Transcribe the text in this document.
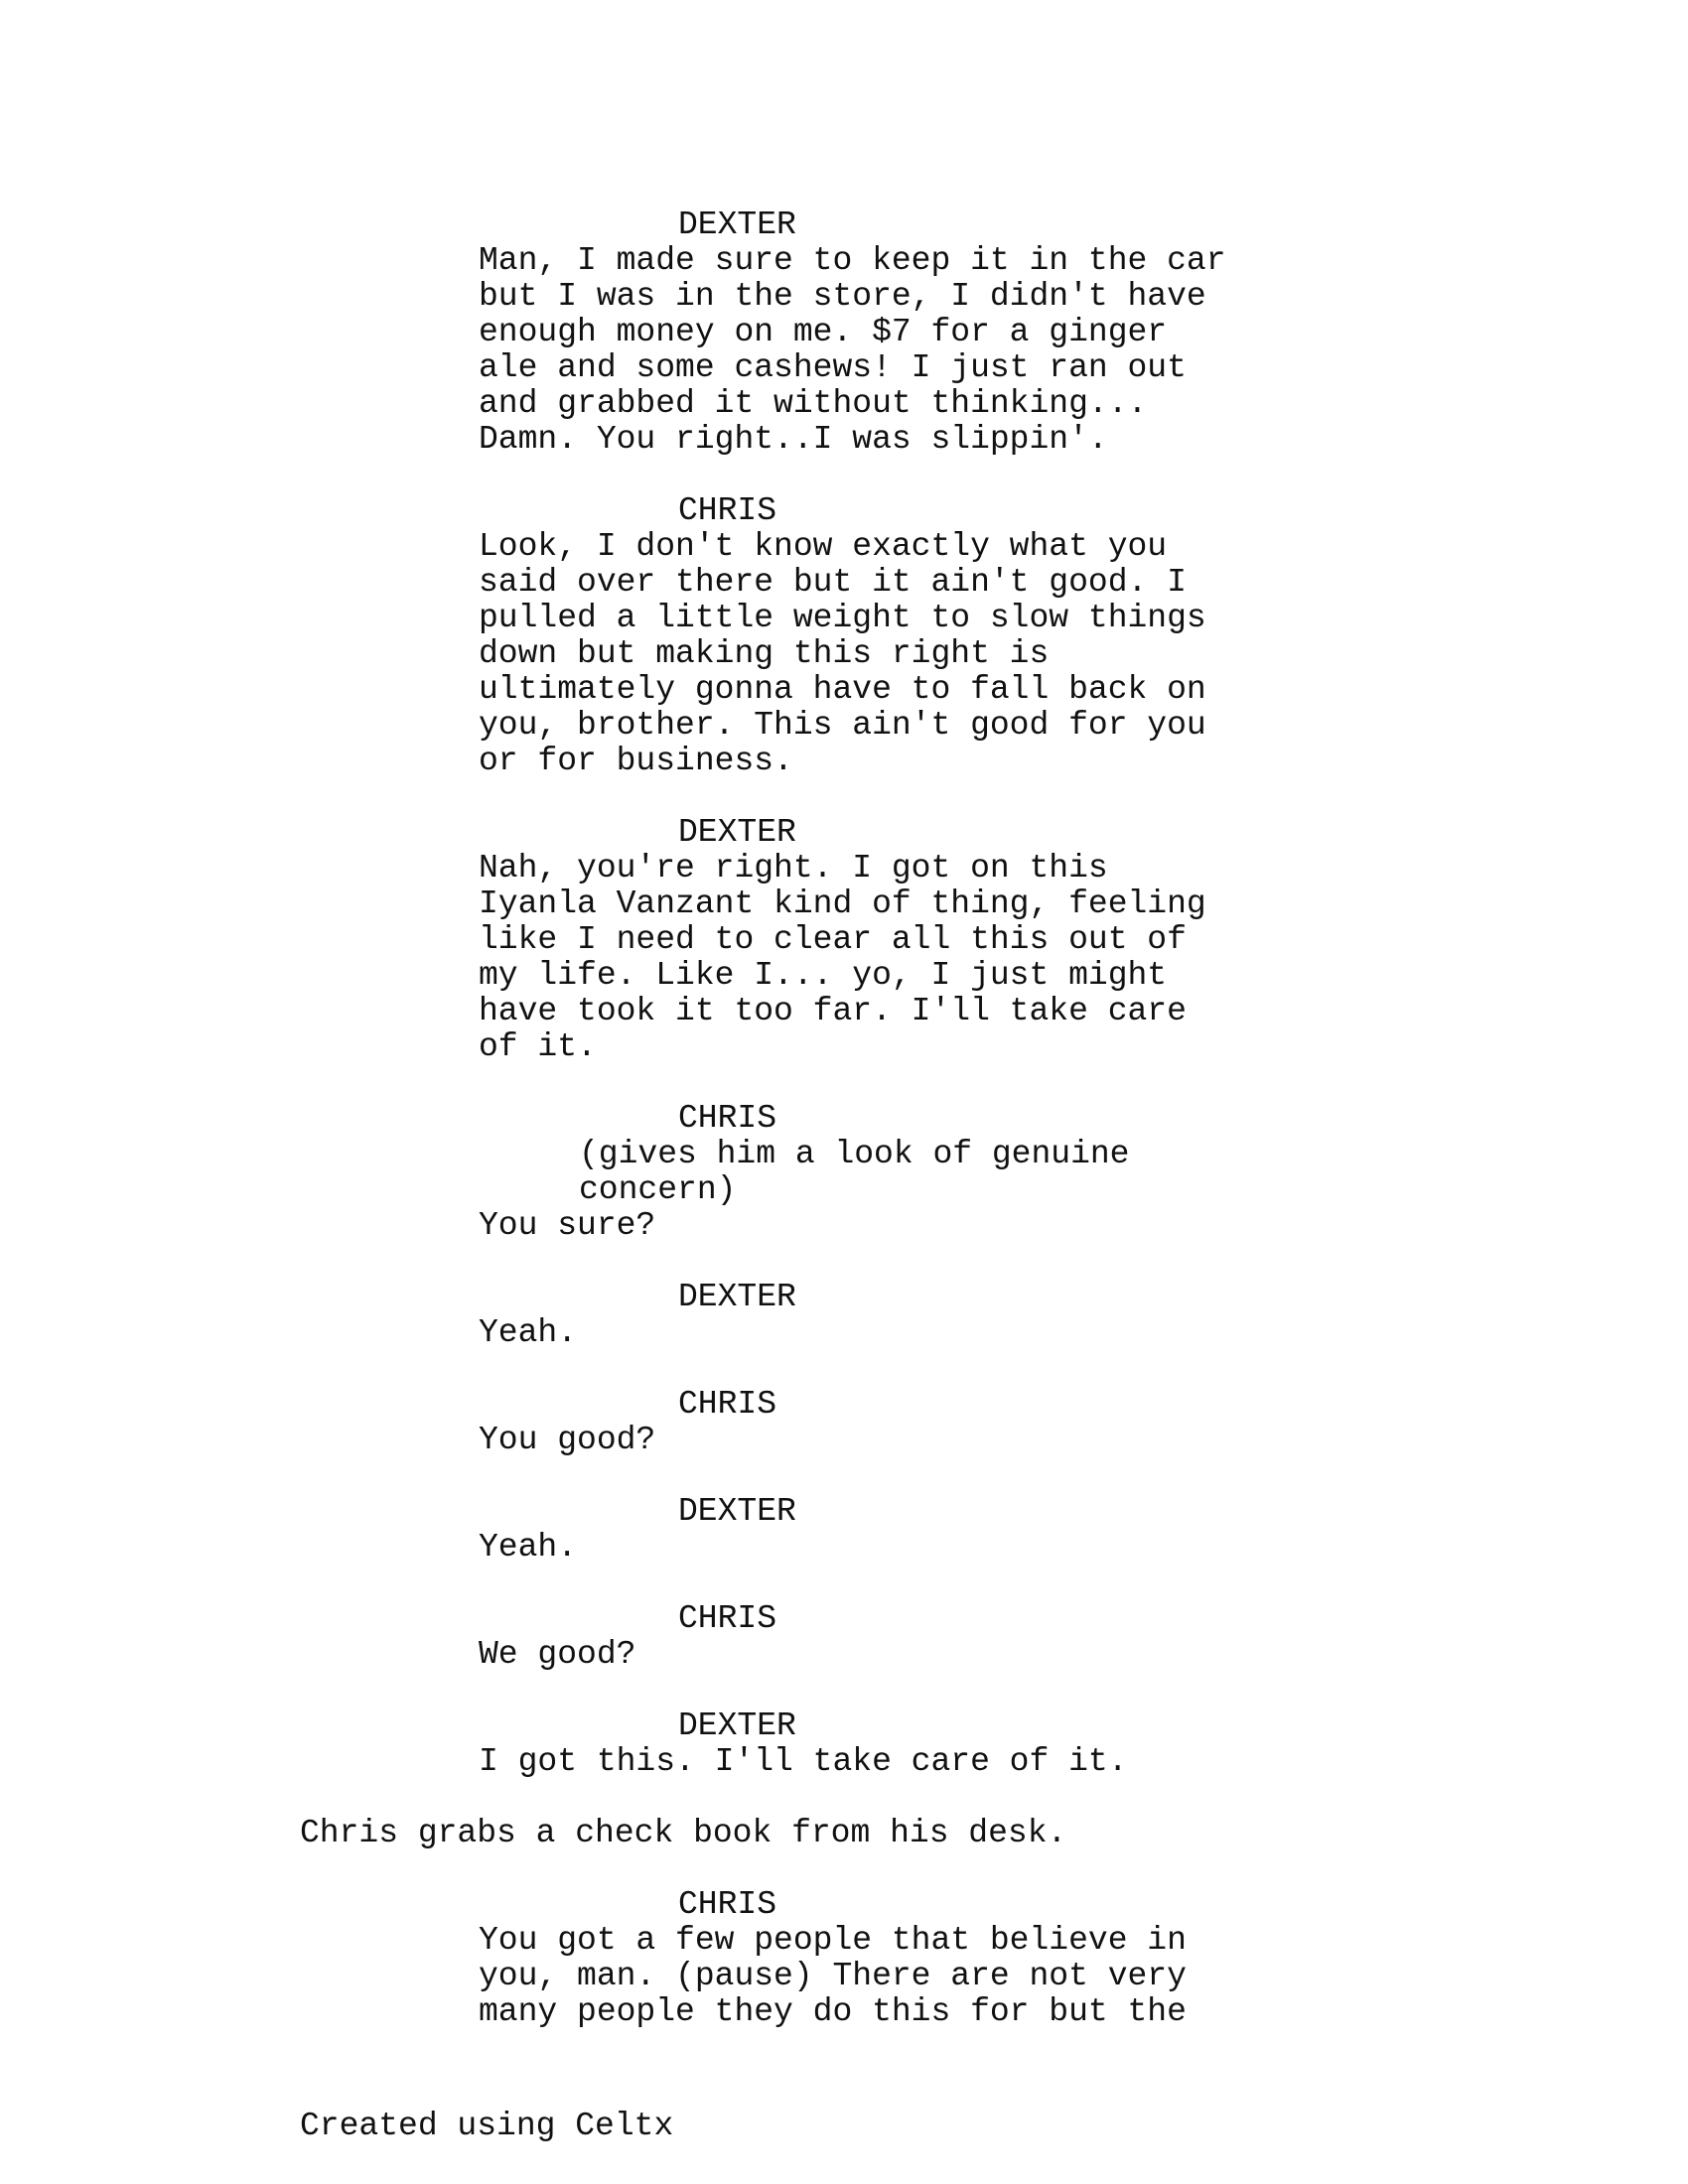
DEXTER
Man, I made sure to keep it in the car
but I was in the store, I didn't have
enough money on me. $7 for a ginger
ale and some cashews! I just ran out
and grabbed it without thinking...
Damn. You right..I was slippin'.
CHRIS
Look, I don't know exactly what you
said over there but it ain't good. I
pulled a little weight to slow things
down but making this right is
ultimately gonna have to fall back on
you, brother. This ain't good for you
or for business.
DEXTER
Nah, you're right. I got on this
Iyanla Vanzant kind of thing, feeling
like I need to clear all this out of
my life. Like I... yo, I just might
have took it too far. I'll take care
of it.
CHRIS
(gives him a look of genuine
concern)
You sure?
DEXTER
Yeah.
CHRIS
You good?
DEXTER
Yeah.
CHRIS
We good?
DEXTER
I got this. I'll take care of it.
Chris grabs a check book from his desk.
CHRIS
You got a few people that believe in
you, man. (pause) There are not very
many people they do this for but the
Created using Celtx
